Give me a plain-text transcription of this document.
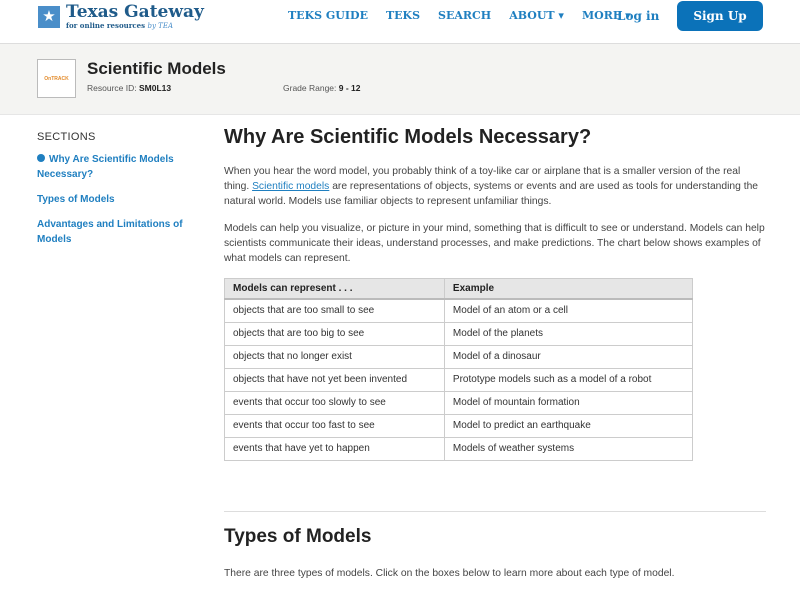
★ Texas Gateway
for online resources by TEA
TEKS GUIDE TEKS SEARCH ABOUT ▾ MORE ▾
Log in	Sign Up
OnTRACK
Scientific Models
Resource ID: SM0L13	Grade Range: 9 - 12
SECTIONS
Why Are Scientific Models Necessary?
Types of Models
Advantages and Limitations of Models
Why Are Scientific Models Necessary?

When you hear the word model, you probably think of a toy-like car or airplane that is a smaller version of the real thing. Scientific models are representations of objects, systems or events and are used as tools for understanding the natural world. Models use familiar objects to represent unfamiliar things.

Models can help you visualize, or picture in your mind, something that is difficult to see or understand. Models can help scientists communicate their ideas, understand processes, and make predictions. The chart below shows examples of what models can represent.

Models can represent . . .	Example
objects that are too small to see	Model of an atom or a cell
objects that are too big to see	Model of the planets
objects that no longer exist	Model of a dinosaur
objects that have not yet been invented	Prototype models such as a model of a robot
events that occur too slowly to see	Model of mountain formation
events that occur too fast to see	Model to predict an earthquake
events that have yet to happen	Models of weather systems
Types of Models

There are three types of models. Click on the boxes below to learn more about each type of model.
